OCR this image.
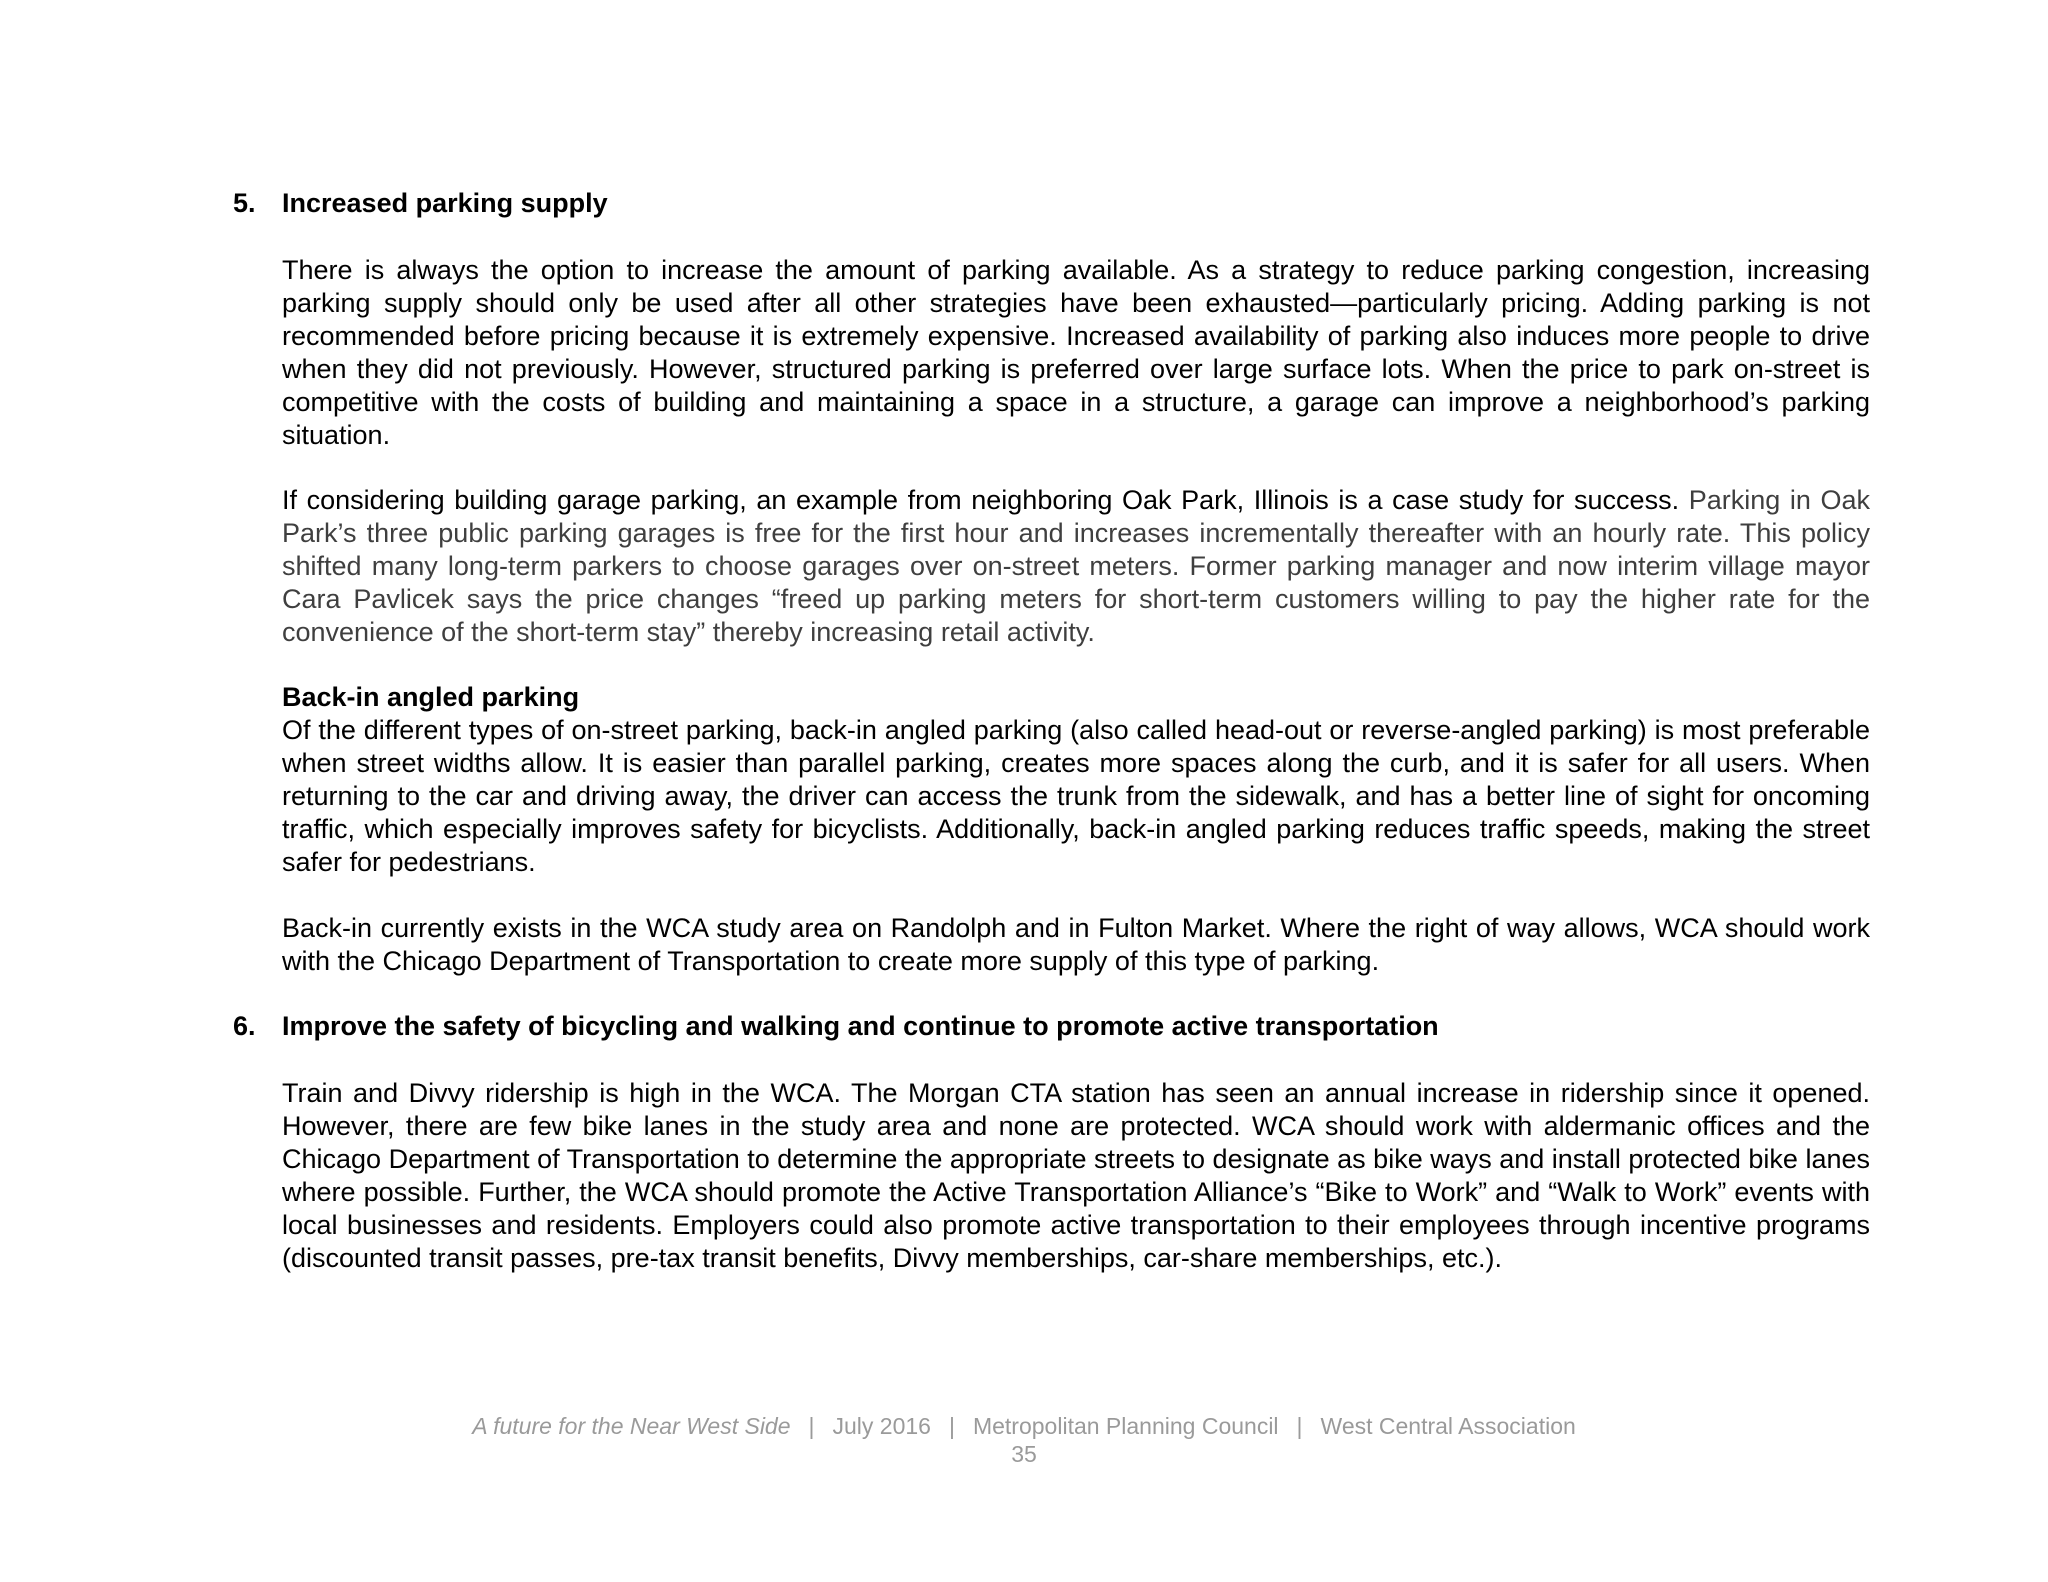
5. Increased parking supply

There is always the option to increase the amount of parking available. As a strategy to reduce parking congestion, increasing parking supply should only be used after all other strategies have been exhausted—particularly pricing. Adding parking is not recommended before pricing because it is extremely expensive. Increased availability of parking also induces more people to drive when they did not previously. However, structured parking is preferred over large surface lots. When the price to park on-street is competitive with the costs of building and maintaining a space in a structure, a garage can improve a neighborhood’s parking situation.

If considering building garage parking, an example from neighboring Oak Park, Illinois is a case study for success. Parking in Oak Park’s three public parking garages is free for the first hour and increases incrementally thereafter with an hourly rate. This policy shifted many long-term parkers to choose garages over on-street meters. Former parking manager and now interim village mayor Cara Pavlicek says the price changes “freed up parking meters for short-term customers willing to pay the higher rate for the convenience of the short-term stay” thereby increasing retail activity.

Back-in angled parking
Of the different types of on-street parking, back-in angled parking (also called head-out or reverse-angled parking) is most preferable when street widths allow. It is easier than parallel parking, creates more spaces along the curb, and it is safer for all users. When returning to the car and driving away, the driver can access the trunk from the sidewalk, and has a better line of sight for oncoming traffic, which especially improves safety for bicyclists. Additionally, back-in angled parking reduces traffic speeds, making the street safer for pedestrians.

Back-in currently exists in the WCA study area on Randolph and in Fulton Market. Where the right of way allows, WCA should work with the Chicago Department of Transportation to create more supply of this type of parking.

6. Improve the safety of bicycling and walking and continue to promote active transportation

Train and Divvy ridership is high in the WCA. The Morgan CTA station has seen an annual increase in ridership since it opened. However, there are few bike lanes in the study area and none are protected. WCA should work with aldermanic offices and the Chicago Department of Transportation to determine the appropriate streets to designate as bike ways and install protected bike lanes where possible. Further, the WCA should promote the Active Transportation Alliance’s “Bike to Work” and “Walk to Work” events with local businesses and residents. Employers could also promote active transportation to their employees through incentive programs (discounted transit passes, pre-tax transit benefits, Divvy memberships, car-share memberships, etc.).

A future for the Near West Side | July 2016 | Metropolitan Planning Council | West Central Association
35
